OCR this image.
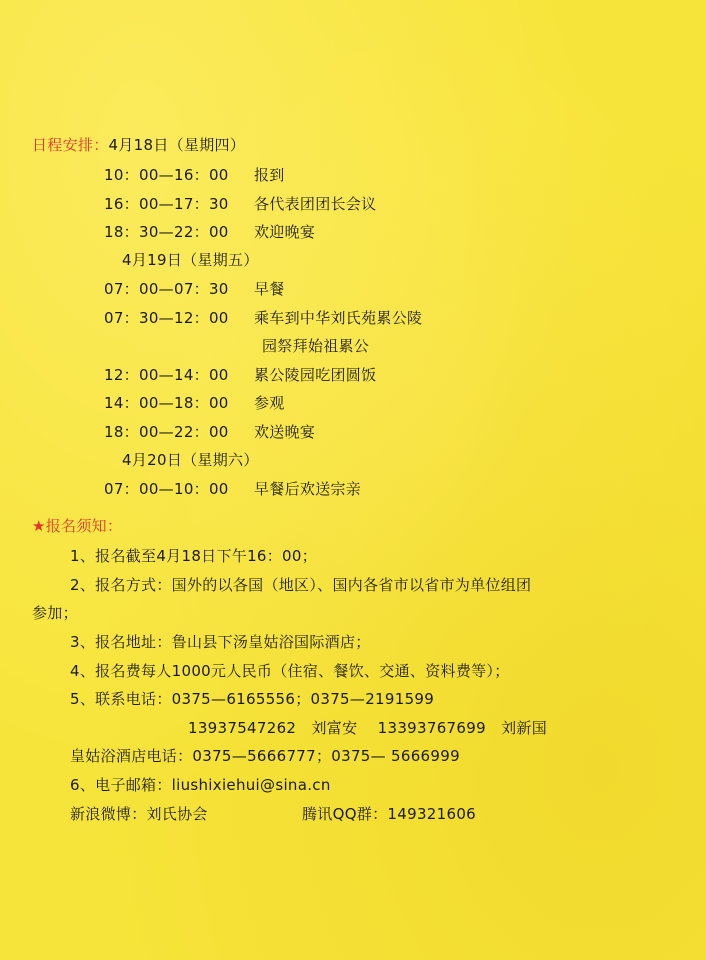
日程安排：4月18日（星期四）
10：00—16：00 报到
16：00—17：30 各代表团团长会议
18：30—22：00 欢迎晚宴
4月19日（星期五）
07：00—07：30 早餐
07：30—12：00 乘车到中华刘氏苑累公陵
园祭拜始祖累公
12：00—14：00 累公陵园吃团圆饭
14：00—18：00 参观
18：00—22：00 欢送晚宴
4月20日（星期六）
07：00—10：00 早餐后欢送宗亲
★报名须知：
1、报名截至4月18日下午16：00；
2、报名方式：国外的以各国（地区）、国内各省市以省市为单位组团
参加；
3、报名地址：鲁山县下汤皇姑浴国际酒店；
4、报名费每人1000元人民币（住宿、餐饮、交通、资料费等）；
5、联系电话：0375—6165556；0375—2191599
13937547262   刘富安    13393767699   刘新国
皇姑浴酒店电话：0375—5666777；0375— 5666999
6、电子邮箱：liushixiehui@sina.cn
新浪微博：刘氏协会	腾讯QQ群：149321606
